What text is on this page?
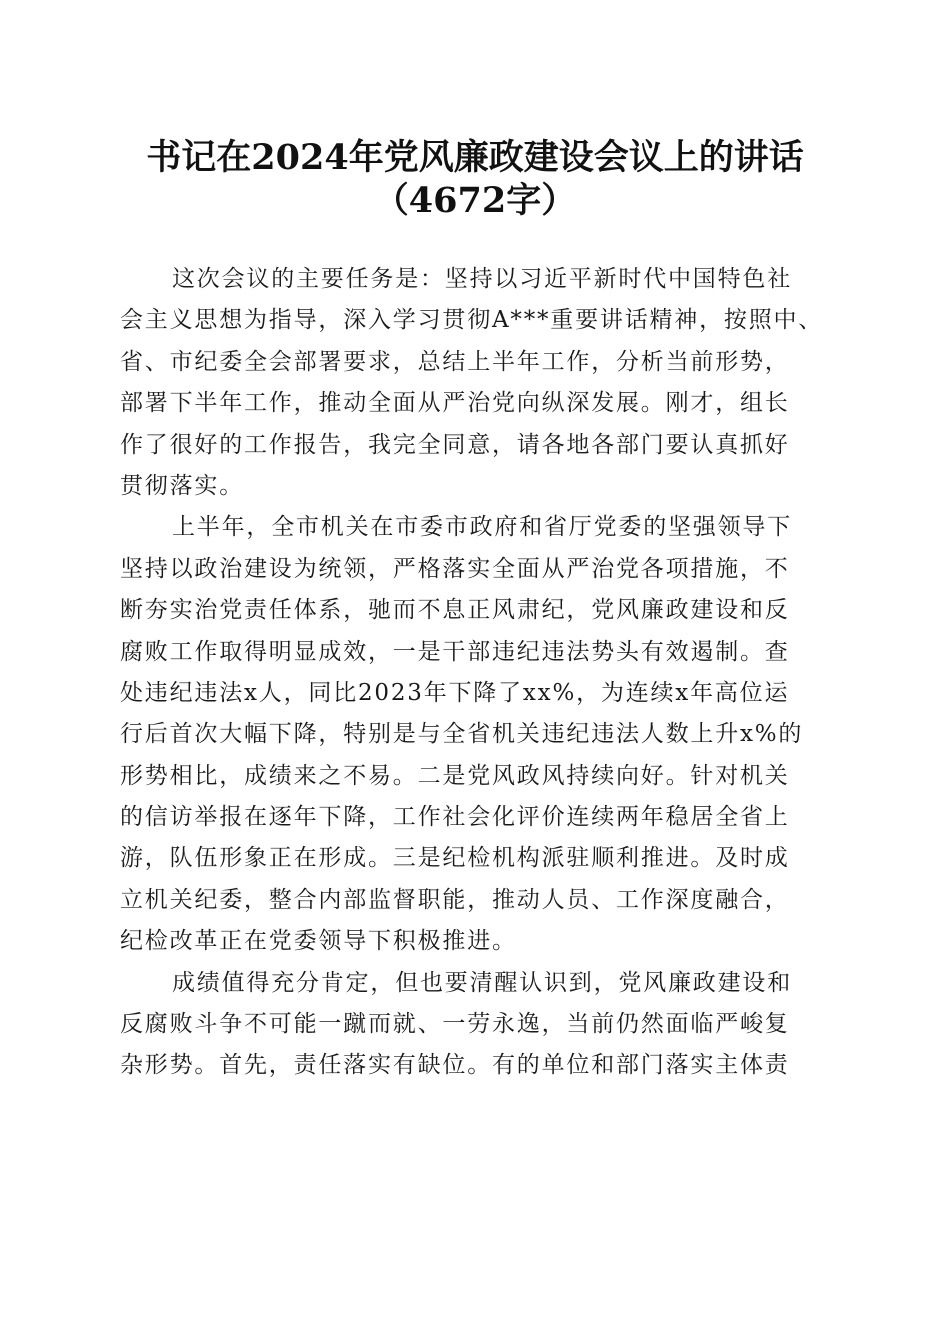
书记在2024年党风廉政建设会议上的讲话
（4672字）
这次会议的主要任务是：坚持以习近平新时代中国特色社
会主义思想为指导，深入学习贯彻A***重要讲话精神，按照中、
省、市纪委全会部署要求，总结上半年工作，分析当前形势，
部署下半年工作，推动全面从严治党向纵深发展。刚才，组长
作了很好的工作报告，我完全同意，请各地各部门要认真抓好
贯彻落实。
上半年，全市机关在市委市政府和省厅党委的坚强领导下
坚持以政治建设为统领，严格落实全面从严治党各项措施，不
断夯实治党责任体系，驰而不息正风肃纪，党风廉政建设和反
腐败工作取得明显成效，一是干部违纪违法势头有效遏制。查
处违纪违法x人，同比2023年下降了xx%，为连续x年高位运
行后首次大幅下降，特别是与全省机关违纪违法人数上升x%的
形势相比，成绩来之不易。二是党风政风持续向好。针对机关
的信访举报在逐年下降，工作社会化评价连续两年稳居全省上
游，队伍形象正在形成。三是纪检机构派驻顺利推进。及时成
立机关纪委，整合内部监督职能，推动人员、工作深度融合，
纪检改革正在党委领导下积极推进。
成绩值得充分肯定，但也要清醒认识到，党风廉政建设和
反腐败斗争不可能一蹴而就、一劳永逸，当前仍然面临严峻复
杂形势。首先，责任落实有缺位。有的单位和部门落实主体责
